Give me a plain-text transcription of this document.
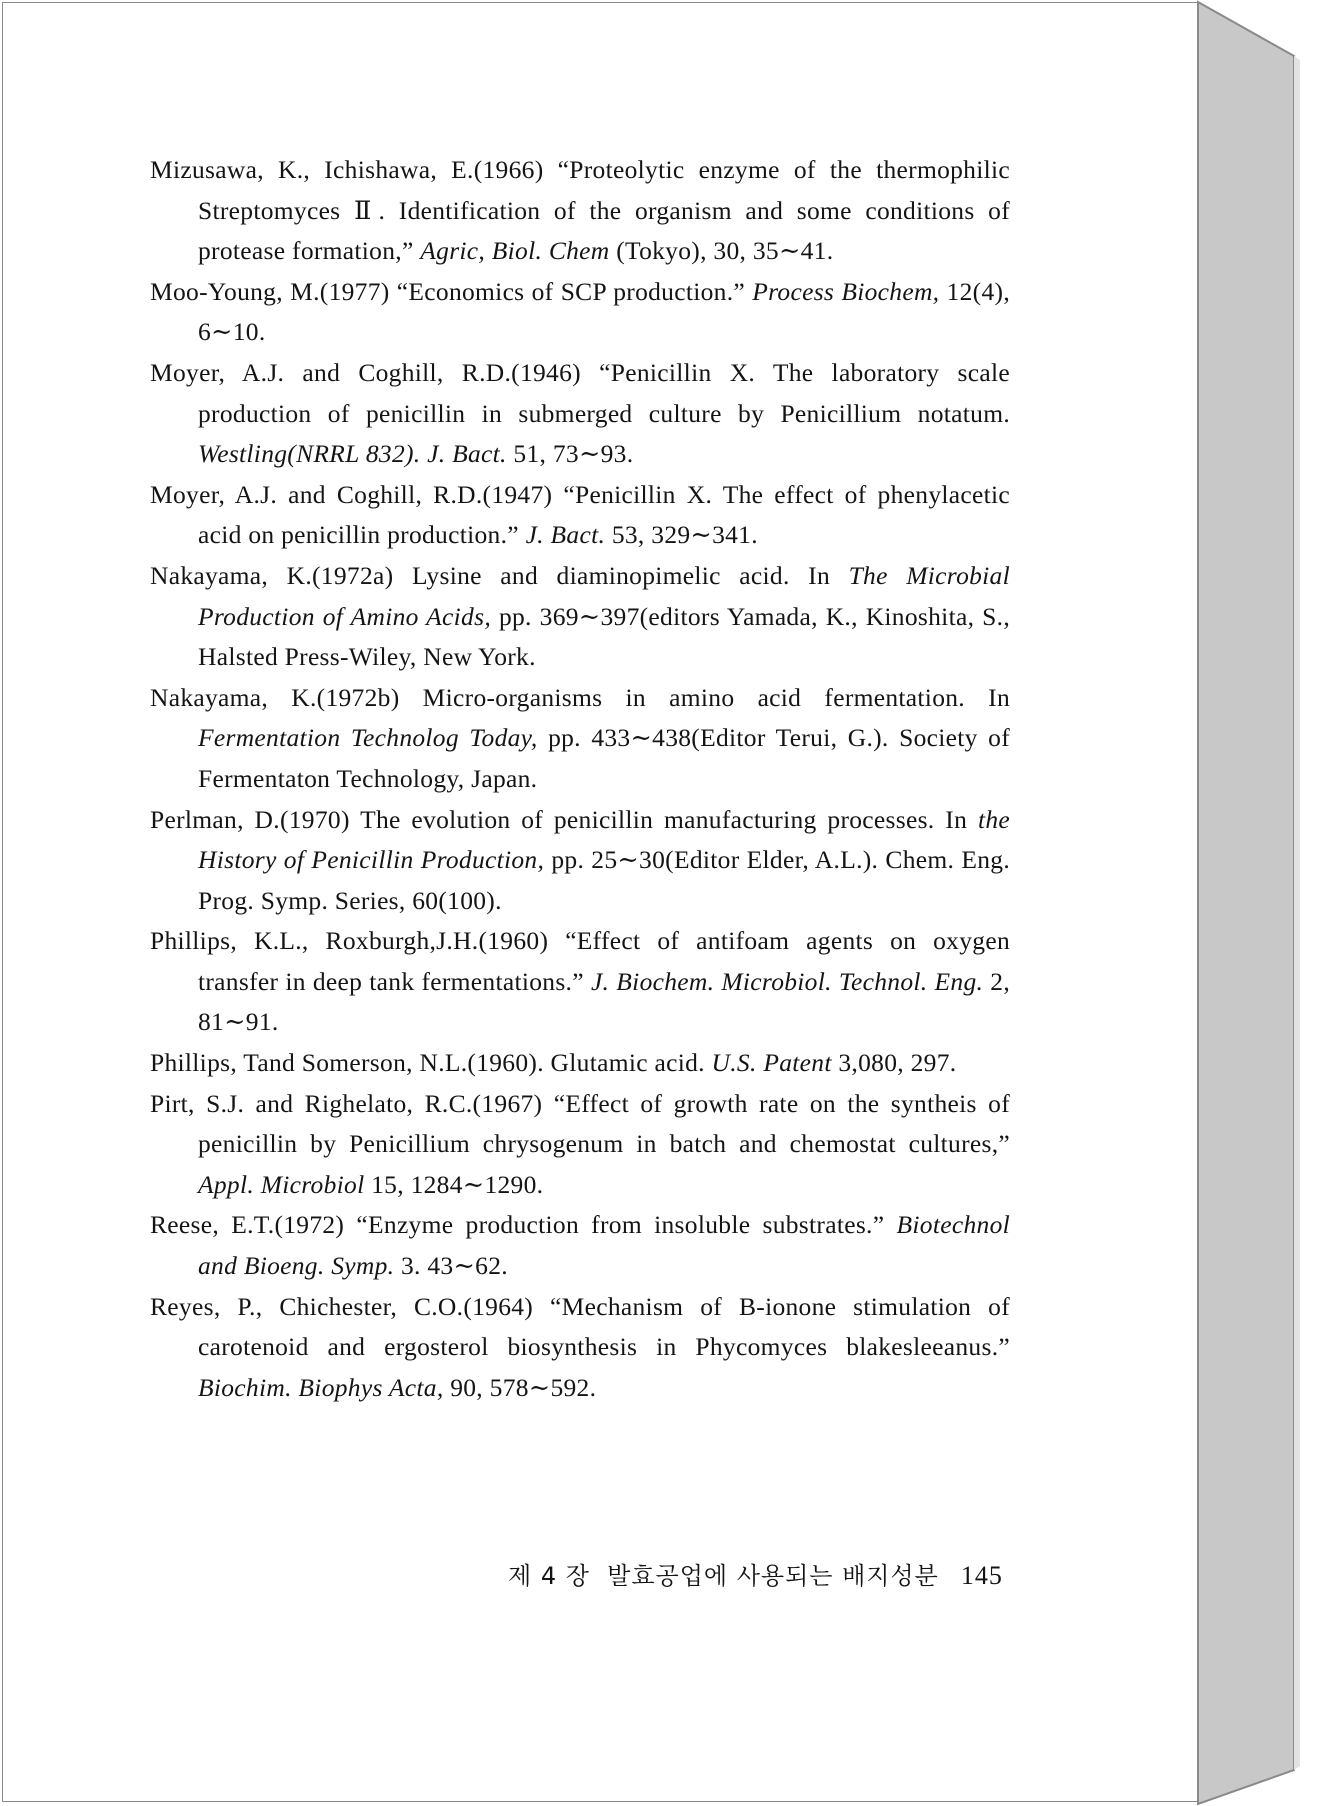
Mizusawa, K., Ichishawa, E.(1966) “Proteolytic enzyme of the thermophilic Streptomyces Ⅱ. Identification of the organism and some conditions of protease formation,” Agric, Biol. Chem (Tokyo), 30, 35∼41.

Moo-Young, M.(1977) “Economics of SCP production.” Process Biochem, 12(4), 6∼10.

Moyer, A.J. and Coghill, R.D.(1946) “Penicillin X. The laboratory scale production of penicillin in submerged culture by Penicillium notatum. Westling(NRRL 832). J. Bact. 51, 73∼93.

Moyer, A.J. and Coghill, R.D.(1947) “Penicillin X. The effect of phenylacetic acid on penicillin production.” J. Bact. 53, 329∼341.

Nakayama, K.(1972a) Lysine and diaminopimelic acid. In The Microbial Production of Amino Acids, pp. 369∼397(editors Yamada, K., Kinoshita, S., Halsted Press-Wiley, New York.

Nakayama, K.(1972b) Micro-organisms in amino acid fermentation. In Fermentation Technolog Today, pp. 433∼438(Editor Terui, G.). Society of Fermentaton Technology, Japan.

Perlman, D.(1970) The evolution of penicillin manufacturing processes. In the History of Penicillin Production, pp. 25∼30(Editor Elder, A.L.). Chem. Eng. Prog. Symp. Series, 60(100).

Phillips, K.L., Roxburgh,J.H.(1960) “Effect of antifoam agents on oxygen transfer in deep tank fermentations.” J. Biochem. Microbiol. Technol. Eng. 2, 81∼91.

Phillips, Tand Somerson, N.L.(1960). Glutamic acid. U.S. Patent 3,080, 297.

Pirt, S.J. and Righelato, R.C.(1967) “Effect of growth rate on the syntheis of penicillin by Penicillium chrysogenum in batch and chemostat cultures,” Appl. Microbiol 15, 1284∼1290.

Reese, E.T.(1972) “Enzyme production from insoluble substrates.” Biotechnol and Bioeng. Symp. 3. 43∼62.

Reyes, P., Chichester, C.O.(1964) “Mechanism of B-ionone stimulation of carotenoid and ergosterol biosynthesis in Phycomyces blakesleeanus.” Biochim. Biophys Acta, 90, 578∼592.

제 4 장  발효공업에 사용되는 배지성분 145
